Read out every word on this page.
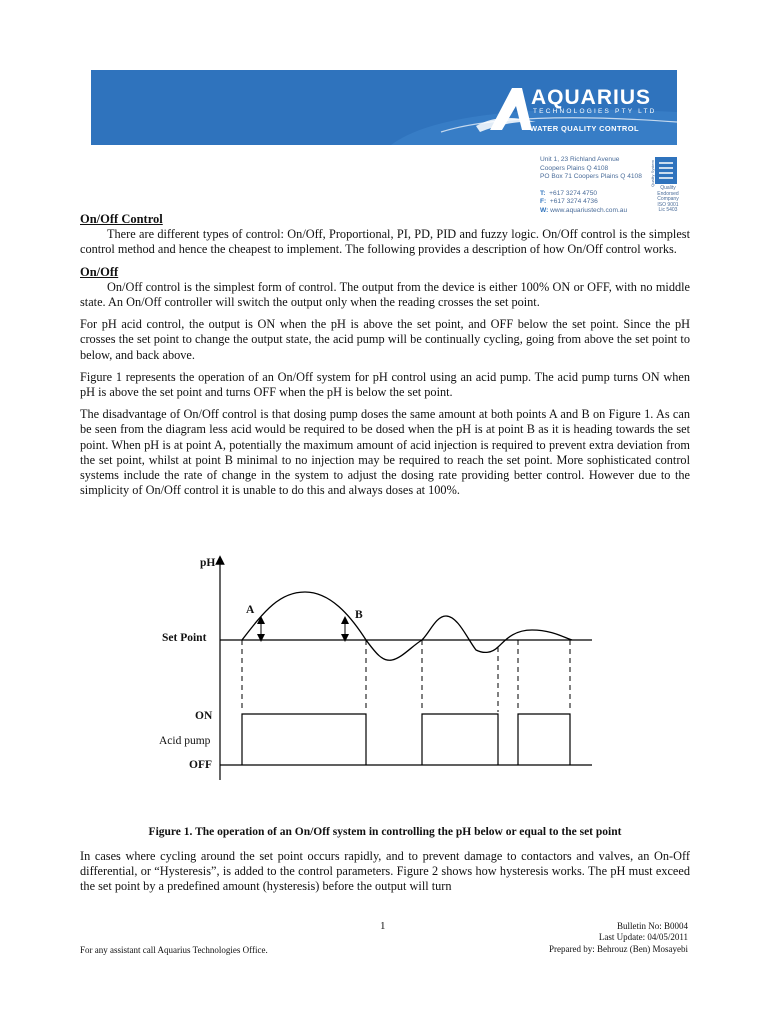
AQUARIUS
TECHNOLOGIES PTY LTD
WATER QUALITY CONTROL
Unit 1, 23 Richland Avenue
Coopers Plains Q 4108
PO Box 71 Coopers Plains Q 4108
T: +617 3274 4750
F: +617 3274 4736
W: www.aquariustech.com.au
Quality System
Quality
Endorsed
Company
ISO 9001
Lic 5403
On/Off Control

There are different types of control: On/Off, Proportional, PI, PD, PID and fuzzy logic. On/Off control is the simplest control method and hence the cheapest to implement. The following provides a description of how On/Off control works.

On/Off

On/Off control is the simplest form of control. The output from the device is either 100% ON or OFF, with no middle state. An On/Off controller will switch the output only when the reading crosses the set point.

For pH acid control, the output is ON when the pH is above the set point, and OFF below the set point. Since the pH crosses the set point to change the output state, the acid pump will be continually cycling, going from above the set point to below, and back above.

Figure 1 represents the operation of an On/Off system for pH control using an acid pump. The acid pump turns ON when pH is above the set point and turns OFF when the pH is below the set point.

The disadvantage of On/Off control is that dosing pump doses the same amount at both points A and B on Figure 1. As can be seen from the diagram less acid would be required to be dosed when the pH is at point B as it is heading towards the set point. When pH is at point A, potentially the maximum amount of acid injection is required to prevent extra deviation from the set point, whilst at point B minimal to no injection may be required to reach the set point. More sophisticated control systems include the rate of change in the system to adjust the dosing rate providing better control. However due to the simplicity of On/Off control it is unable to do this and always doses at 100%.

pH
A	B
Set Point
ON
Acid pump
OFF
Figure 1. The operation of an On/Off system in controlling the pH below or equal to the set point

In cases where cycling around the set point occurs rapidly, and to prevent damage to contactors and valves, an On-Off differential, or “Hysteresis”, is added to the control parameters. Figure 2 shows how hysteresis works. The pH must exceed the set point by a predefined amount (hysteresis) before the output will turn

1	Bulletin No: B0004
Last Update: 04/05/2011
Prepared by: Behrouz (Ben) Mosayebi
For any assistant call Aquarius Technologies Office.
